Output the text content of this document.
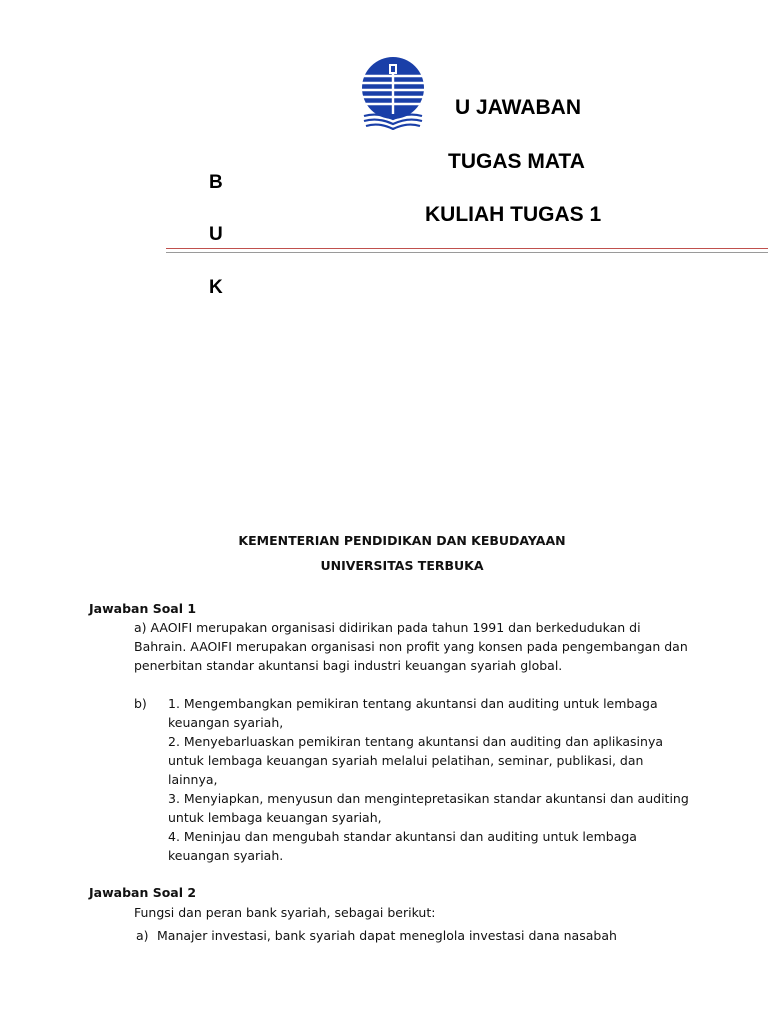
U JAWABAN
TUGAS MATA
KULIAH TUGAS 1
B
U
K
KEMENTERIAN PENDIDIKAN DAN KEBUDAYAAN
UNIVERSITAS TERBUKA
Jawaban Soal 1

a) AAOIFI merupakan organisasi didirikan pada tahun 1991 dan berkedudukan di

Bahrain. AAOIFI merupakan organisasi non profit yang konsen pada pengembangan dan

penerbitan standar akuntansi bagi industri keuangan syariah global.

b) 1. Mengembangkan pemikiran tentang akuntansi dan auditing untuk lembaga

keuangan syariah,

2. Menyebarluaskan pemikiran tentang akuntansi dan auditing dan aplikasinya

untuk lembaga keuangan syariah melalui pelatihan, seminar, publikasi, dan

lainnya,

3. Menyiapkan, menyusun dan mengintepretasikan standar akuntansi dan auditing

untuk lembaga keuangan syariah,

4. Meninjau dan mengubah standar akuntansi dan auditing untuk lembaga

keuangan syariah.

Jawaban Soal 2
Fungsi dan peran bank syariah, sebagai berikut:
a) Manajer investasi, bank syariah dapat meneglola investasi dana nasabah
